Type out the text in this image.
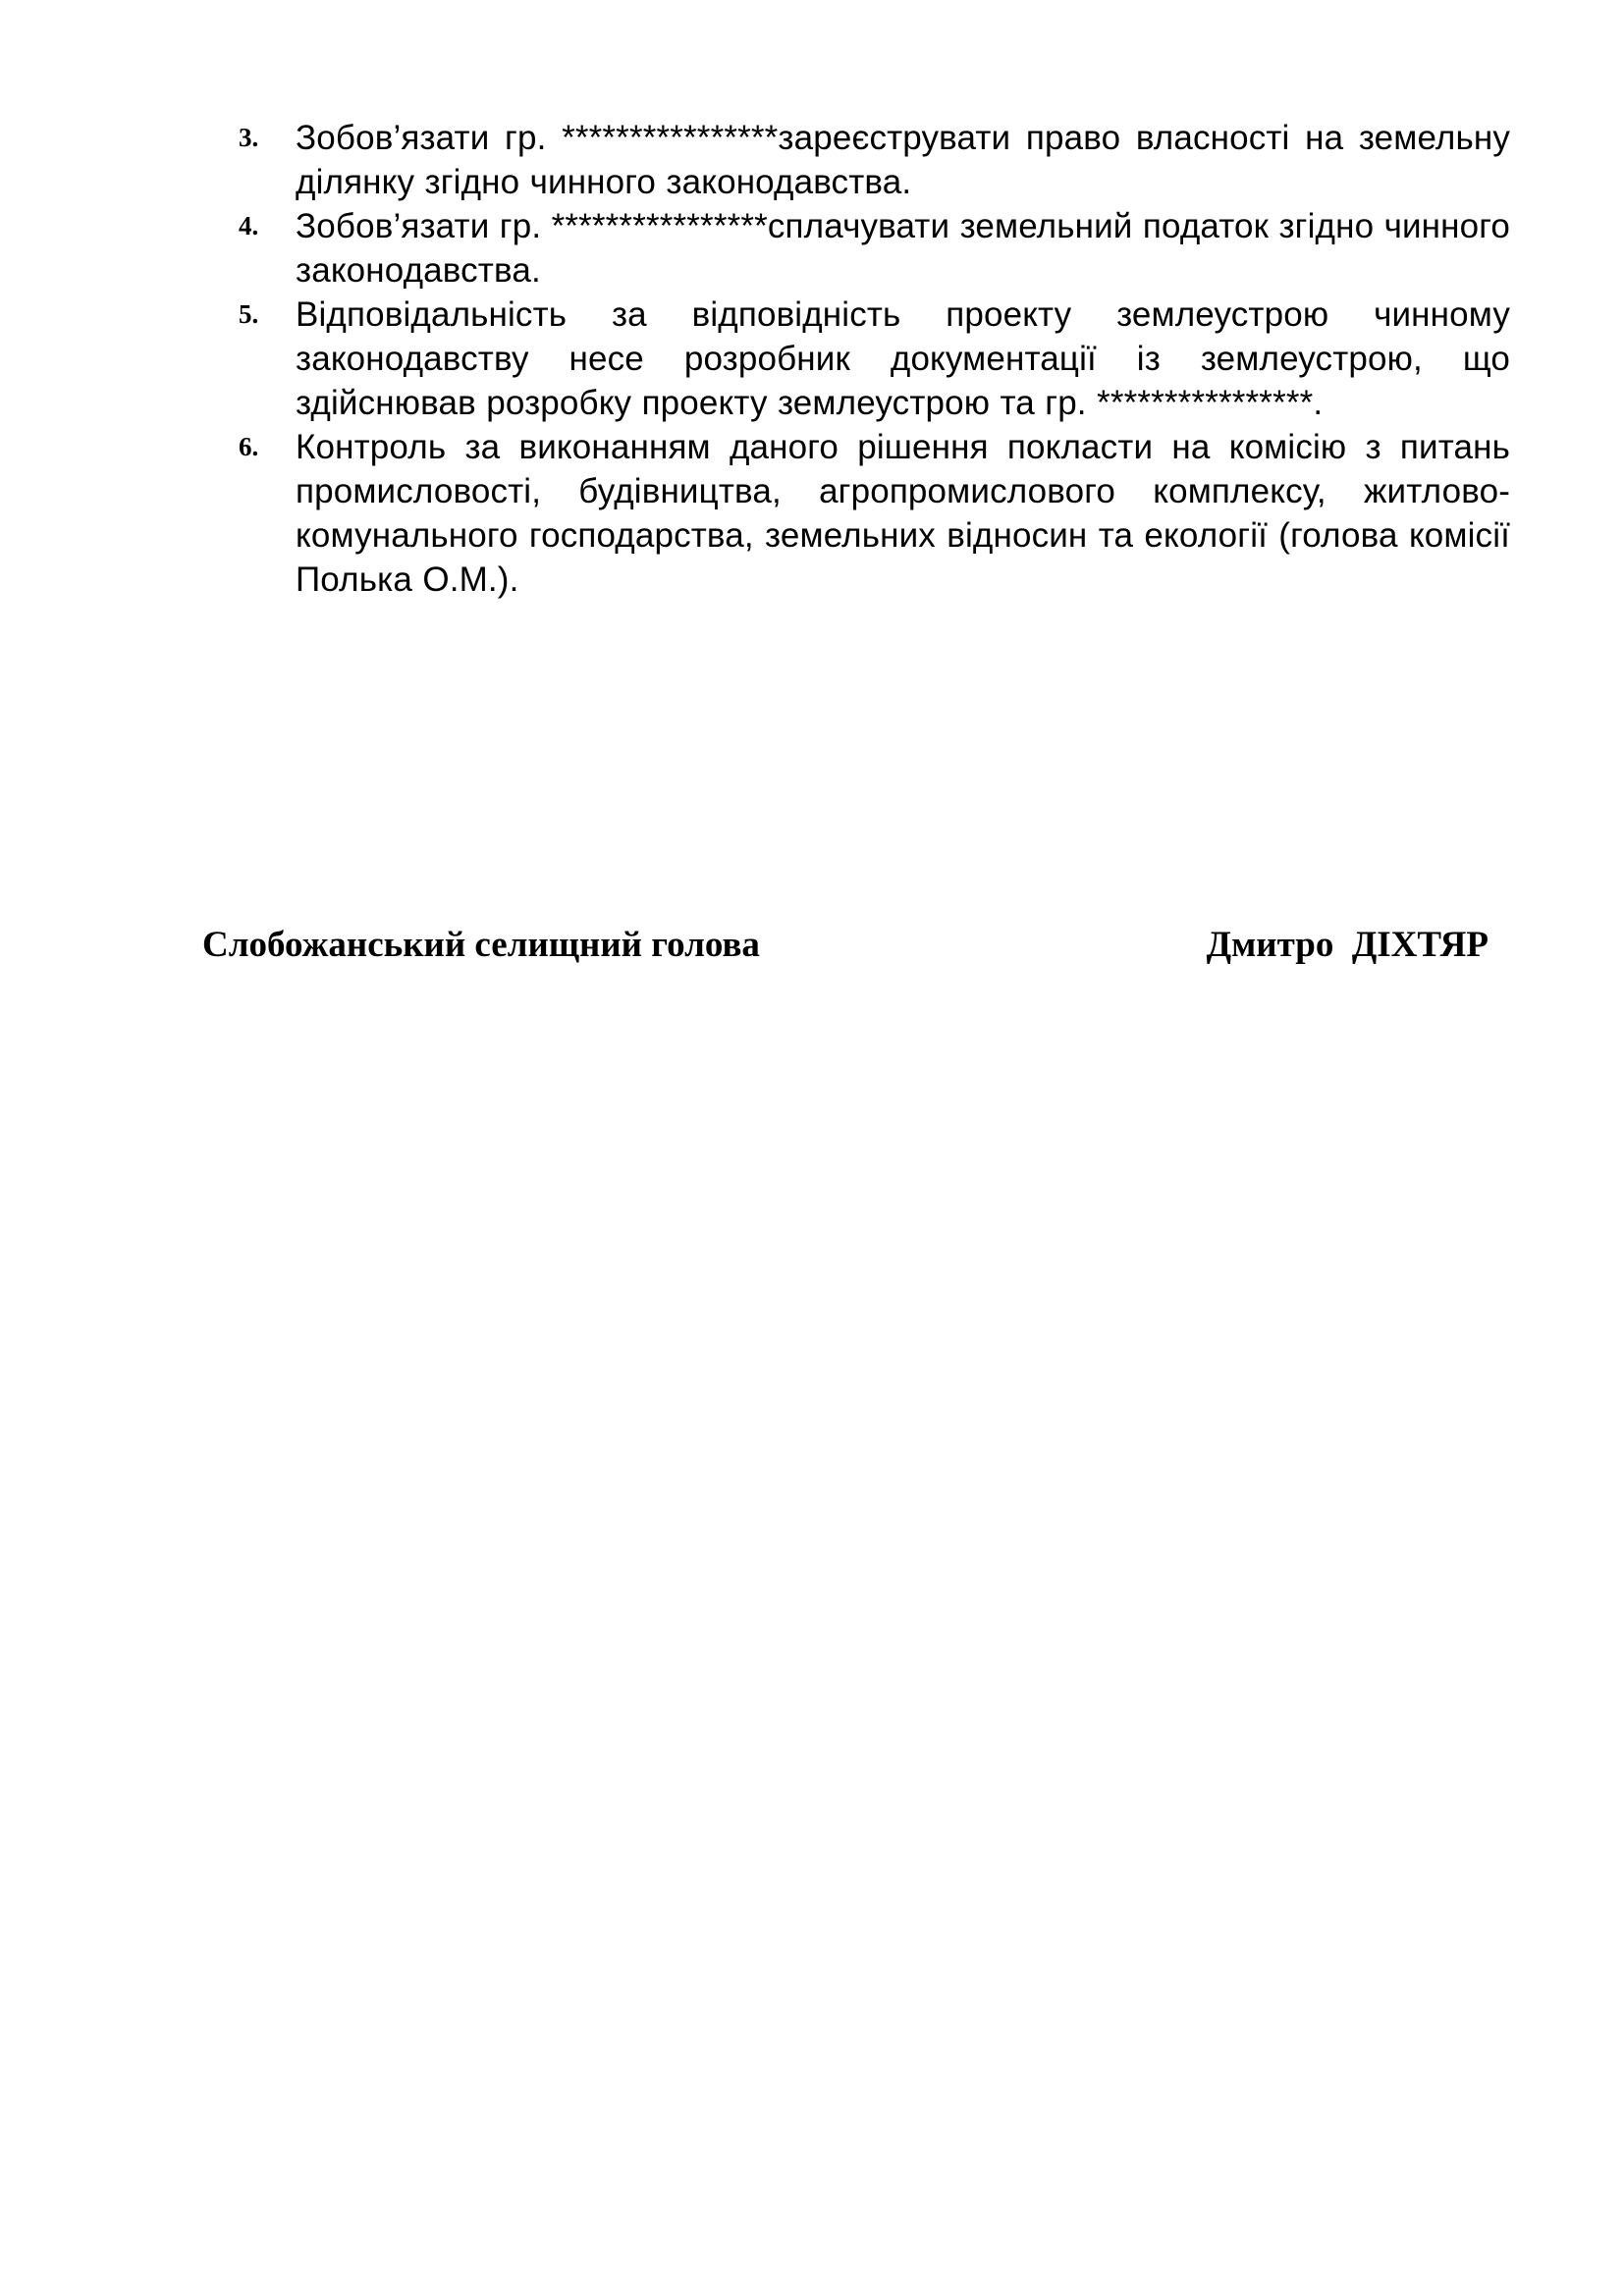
3. Зобов’язати гр. ****************зареєструвати право власності на земельну ділянку згідно чинного законодавства.
4. Зобов’язати гр. ****************сплачувати земельний податок згідно чинного законодавства.
5. Відповідальність за відповідність проекту землеустрою чинному законодавству несе розробник документації із землеустрою, що здійснював розробку проекту землеустрою та гр. ****************.
6. Контроль за виконанням даного рішення покласти на комісію з питань промисловості, будівництва, агропромислового комплексу, житлово-комунального господарства, земельних відносин та екології (голова комісії Полька О.М.).
Слобожанський селищний голова	Дмитро  ДІХТЯР
